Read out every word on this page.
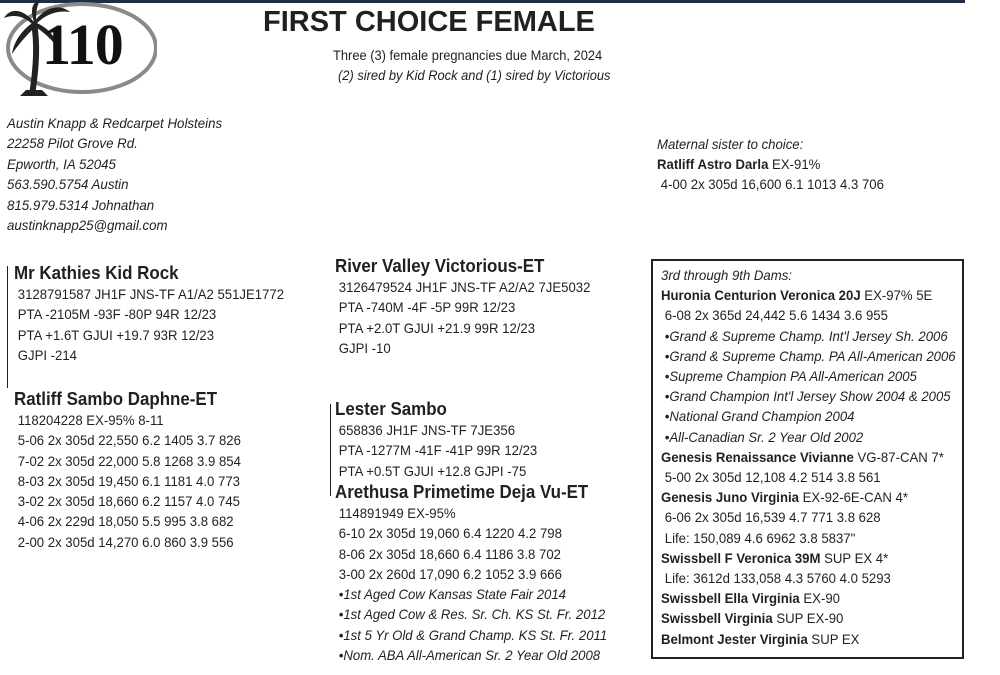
110	FIRST CHOICE FEMALE
Three (3) female pregnancies due March, 2024
(2) sired by Kid Rock and (1) sired by Victorious
Austin Knapp & Redcarpet Holsteins
22258 Pilot Grove Rd.
Epworth, IA 52045
563.590.5754 Austin
815.979.5314 Johnathan
austinknapp25@gmail.com
Maternal sister to choice:
Ratliff Astro Darla EX-91%
4-00 2x 305d 16,600 6.1 1013 4.3 706
Mr Kathies Kid Rock
3128791587 JH1F JNS-TF A1/A2 551JE1772
PTA -2105M -93F -80P 94R 12/23
PTA +1.6T GJUI +19.7 93R 12/23
GJPI -214
Ratliff Sambo Daphne-ET
118204228 EX-95% 8-11
5-06 2x 305d 22,550 6.2 1405 3.7 826
7-02 2x 305d 22,000 5.8 1268 3.9 854
8-03 2x 305d 19,450 6.1 1181 4.0 773
3-02 2x 305d 18,660 6.2 1157 4.0 745
4-06 2x 229d 18,050 5.5 995 3.8 682
2-00 2x 305d 14,270 6.0 860 3.9 556
River Valley Victorious-ET
3126479524 JH1F JNS-TF A2/A2 7JE5032
PTA -740M -4F -5P 99R 12/23
PTA +2.0T GJUI +21.9 99R 12/23
GJPI -10
Lester Sambo
658836 JH1F JNS-TF 7JE356
PTA -1277M -41F -41P 99R 12/23
PTA +0.5T GJUI +12.8 GJPI -75
Arethusa Primetime Deja Vu-ET
114891949 EX-95%
6-10 2x 305d 19,060 6.4 1220 4.2 798
8-06 2x 305d 18,660 6.4 1186 3.8 702
3-00 2x 260d 17,090 6.2 1052 3.9 666
•1st Aged Cow Kansas State Fair 2014
•1st Aged Cow & Res. Sr. Ch. KS St. Fr. 2012
•1st 5 Yr Old & Grand Champ. KS St. Fr. 2011
•Nom. ABA All-American Sr. 2 Year Old 2008
3rd through 9th Dams:
Huronia Centurion Veronica 20J EX-97% 5E
6-08 2x 365d 24,442 5.6 1434 3.6 955
•Grand & Supreme Champ. Int'l Jersey Sh. 2006
•Grand & Supreme Champ. PA All-American 2006
•Supreme Champion PA All-American 2005
•Grand Champion Int'l Jersey Show 2004 & 2005
•National Grand Champion 2004
•All-Canadian Sr. 2 Year Old 2002
Genesis Renaissance Vivianne VG-87-CAN 7*
5-00 2x 305d 12,108 4.2 514 3.8 561
Genesis Juno Virginia EX-92-6E-CAN 4*
6-06 2x 305d 16,539 4.7 771 3.8 628
Life: 150,089 4.6 6962 3.8 5837"
Swissbell F Veronica 39M SUP EX 4*
Life: 3612d 133,058 4.3 5760 4.0 5293
Swissbell Ella Virginia EX-90
Swissbell Virginia SUP EX-90
Belmont Jester Virginia SUP EX
